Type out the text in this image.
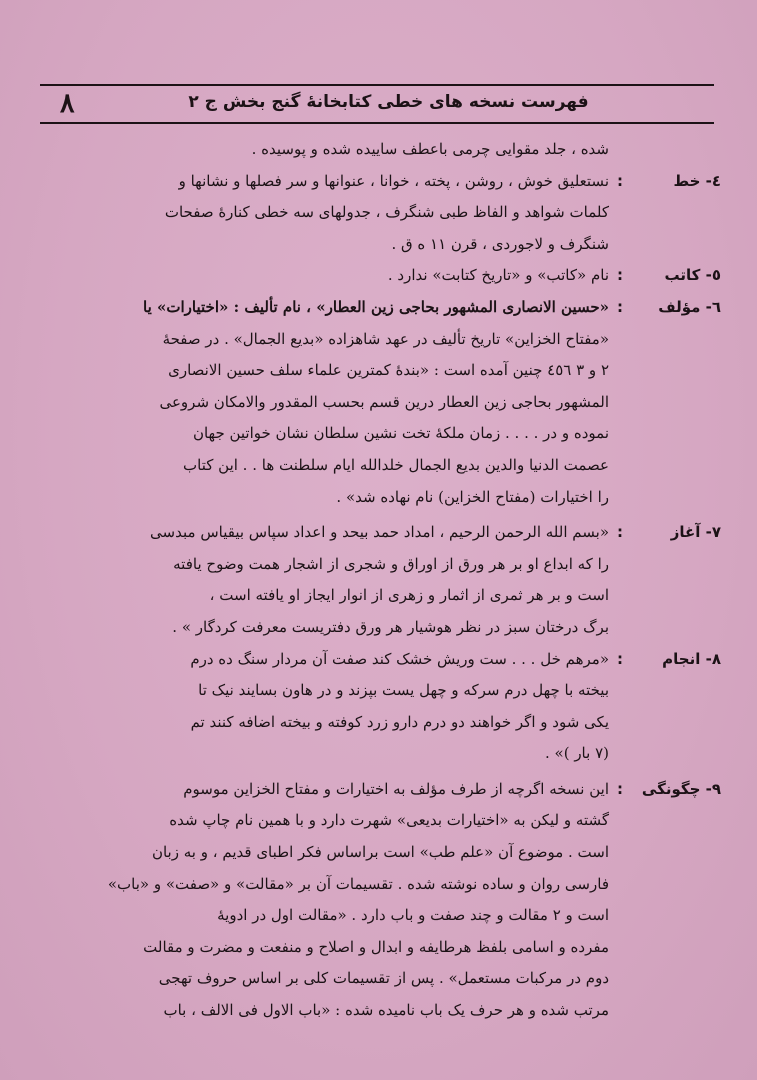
٨	فهرست نسخه های خطی کتابخانهٔ گنج بخش ج ۲
شده ، جلد مقوایی چرمی باعطف ساییده شده و پوسیده .
٤- خط
:
نستعلیق خوش ، روشن ، پخته ، خوانا ، عنوانها و سر فصلها و نشانها و
کلمات شواهد و الفاظ طبی شنگرف ، جدولهای سه خطی کنارهٔ صفحات
شنگرف و لاجوردی ، قرن ۱۱ ه ق .
٥- کاتب
:
نام «کاتب» و «تاریخ کتابت» ندارد .
٦- مؤلف
:
«حسین الانصاری المشهور بحاجی زین العطار» ، نام تألیف : «اختیارات» یا
«مفتاح الخزاین» تاریخ تألیف در عهد شاهزاده «بدیع الجمال» . در صفحهٔ
۲ و ۳ ٤٥٦ چنین آمده است : «بندهٔ کمترین علماء سلف حسین الانصاری
المشهور بحاجی زین العطار درین قسم بحسب المقدور والامکان شروعی
نموده و در . . . . زمان ملکهٔ تخت نشین سلطان نشان خواتین جهان
عصمت الدنیا والدین بدیع الجمال خلدالله ایام سلطنت ها . . این کتاب
را اختیارات (مفتاح الخزاین) نام نهاده شد» .
٧- آغاز
:
«بسم الله الرحمن الرحیم ، امداد حمد بیحد و اعداد سپاس بیقیاس مبدسی
را که ابداع او بر هر ورق از اوراق و شجری از اشجار همت وضوح یافته
است و بر هر ثمری از اثمار و زهری از انوار ایجاز او یافته است ،
برگ درختان سبز در نظر هوشیار هر ورق دفتریست معرفت کردگار » .
٨- انجام
:
«مرهم خل . . . ست وریش خشک کند صفت آن مردار سنگ ده درم
بیخته با چهل درم سرکه و چهل یست بپزند و در هاون بسایند نیک تا
یکی شود و اگر خواهند دو درم دارو زرد کوفته و بیخته اضافه کنند تم
(۷ بار )» .
٩- چگونگی
:
این نسخه اگرچه از طرف مؤلف به اختیارات و مفتاح الخزاین موسوم
گشته و لیکن به «اختیارات بدیعی» شهرت دارد و با همین نام چاپ شده
است . موضوع آن «علم طب» است براساس فکر اطبای قدیم ، و به زبان
فارسی روان و ساده نوشته شده . تقسیمات آن بر «مقالت» و «صفت» و «باب»
است و ۲ مقالت و چند صفت و باب دارد . «مقالت اول در ادویهٔ
مفرده و اسامی بلفظ هرطایفه و ابدال و اصلاح و منفعت و مضرت و مقالت
دوم در مرکبات مستعمل» . پس از تقسیمات کلی بر اساس حروف تهجی
مرتب شده و هر حرف یک باب نامیده شده : «باب الاول فی الالف ، باب
